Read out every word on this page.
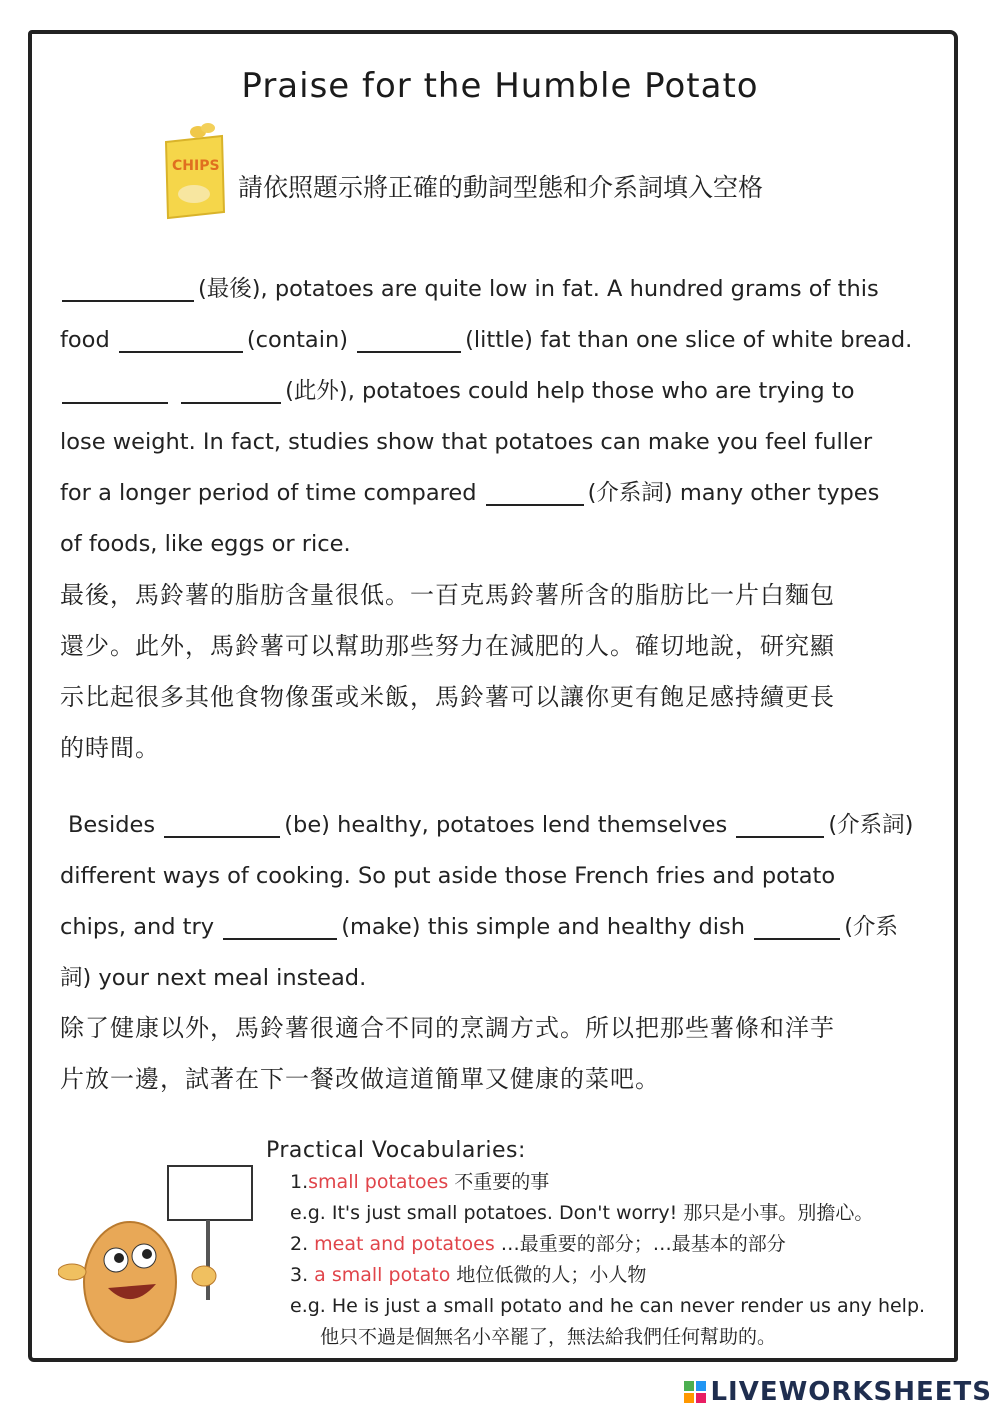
Praise for the Humble Potato
CHIPS
請依照題示將正確的動詞型態和介系詞填入空格
(最後), potatoes are quite low in fat. A hundred grams of this
food	(contain)	(little) fat than one slice of white bread.
(此外), potatoes could help those who are trying to
lose weight. In fact, studies show that potatoes can make you feel fuller
for a longer period of time compared	(介系詞) many other types
of foods, like eggs or rice.
最後，馬鈴薯的脂肪含量很低。一百克馬鈴薯所含的脂肪比一片白麵包
還少。此外，馬鈴薯可以幫助那些努力在減肥的人。確切地說，研究顯
示比起很多其他食物像蛋或米飯，馬鈴薯可以讓你更有飽足感持續更長
的時間。
Besides	(be) healthy, potatoes lend themselves	(介系詞)
different ways of cooking. So put aside those French fries and potato
chips, and try	(make) this simple and healthy dish	(介系
詞) your next meal instead.
除了健康以外，馬鈴薯很適合不同的烹調方式。所以把那些薯條和洋芋
片放一邊，試著在下一餐改做這道簡單又健康的菜吧。
Practical Vocabularies:
1.small potatoes 不重要的事
e.g. It's just small potatoes. Don't worry! 那只是小事。別擔心。
2. meat and potatoes …最重要的部分；…最基本的部分
3. a small potato 地位低微的人；小人物
e.g. He is just a small potato and he can never render us any help.
他只不過是個無名小卒罷了，無法給我們任何幫助的。
LIVEWORKSHEETS
